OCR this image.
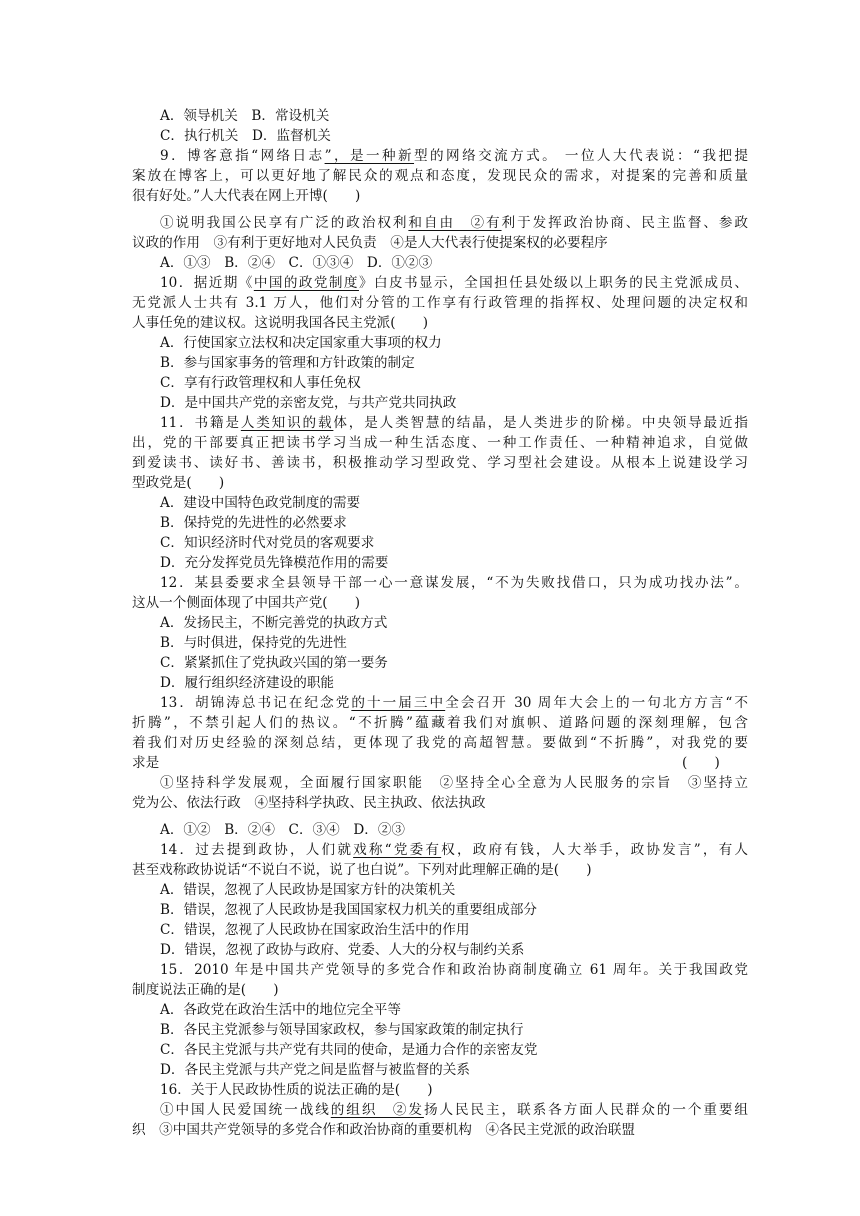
A．领导机关　B．常设机关
C．执行机关　D．监督机关
9．博客意指“网络日志”，是一种新型的网络交流方式。 一位人大代表说：“我把提
案放在博客上，可以更好地了解民众的观点和态度，发现民众的需求，对提案的完善和质量
很有好处。”人大代表在网上开博(　　)
①说明我国公民享有广泛的政治权利和自由　②有利于发挥政治协商、民主监督、参政
议政的作用　③有利于更好地对人民负责　④是人大代表行使提案权的必要程序
A．①③　B．②④　C．①③④　D．①②③
10．据近期《中国的政党制度》白皮书显示，全国担任县处级以上职务的民主党派成员、
无党派人士共有 3.1 万人，他们对分管的工作享有行政管理的指挥权、处理问题的决定权和
人事任免的建议权。这说明我国各民主党派(　　)
A．行使国家立法权和决定国家重大事项的权力
B．参与国家事务的管理和方针政策的制定
C．享有行政管理权和人事任免权
D．是中国共产党的亲密友党，与共产党共同执政
11．书籍是人类知识的载体，是人类智慧的结晶，是人类进步的阶梯。中央领导最近指
出，党的干部要真正把读书学习当成一种生活态度、一种工作责任、一种精神追求，自觉做
到爱读书、读好书、善读书，积极推动学习型政党、学习型社会建设。从根本上说建设学习
型政党是(　　)
A．建设中国特色政党制度的需要
B．保持党的先进性的必然要求
C．知识经济时代对党员的客观要求
D．充分发挥党员先锋模范作用的需要
12．某县委要求全县领导干部一心一意谋发展，“不为失败找借口，只为成功找办法”。
这从一个侧面体现了中国共产党(　　)
A．发扬民主，不断完善党的执政方式
B．与时俱进，保持党的先进性
C．紧紧抓住了党执政兴国的第一要务
D．履行组织经济建设的职能
13．胡锦涛总书记在纪念党的十一届三中全会召开 30 周年大会上的一句北方方言“不
折腾”，不禁引起人们的热议。“不折腾”蕴藏着我们对旗帜、道路问题的深刻理解，包含
着我们对历史经验的深刻总结，更体现了我党的高超智慧。要做到“不折腾”，对我党的要
求是	(　　)
①坚持科学发展观，全面履行国家职能　②坚持全心全意为人民服务的宗旨　③坚持立
党为公、依法行政　④坚持科学执政、民主执政、依法执政
A．①②　B．②④　C．③④　D．②③
14．过去提到政协，人们就戏称“党委有权，政府有钱，人大举手，政协发言”，有人
甚至戏称政协说话“不说白不说，说了也白说”。下列对此理解正确的是(　　)
A．错误，忽视了人民政协是国家方针的决策机关
B．错误，忽视了人民政协是我国国家权力机关的重要组成部分
C．错误，忽视了人民政协在国家政治生活中的作用
D．错误，忽视了政协与政府、党委、人大的分权与制约关系
15．2010 年是中国共产党领导的多党合作和政治协商制度确立 61 周年。关于我国政党
制度说法正确的是(　　)
A．各政党在政治生活中的地位完全平等
B．各民主党派参与领导国家政权，参与国家政策的制定执行
C．各民主党派与共产党有共同的使命，是通力合作的亲密友党
D．各民主党派与共产党之间是监督与被监督的关系
16．关于人民政协性质的说法正确的是(　　)
①中国人民爱国统一战线的组织　②发扬人民民主，联系各方面人民群众的一个重要组
织　③中国共产党领导的多党合作和政治协商的重要机构　④各民主党派的政治联盟
